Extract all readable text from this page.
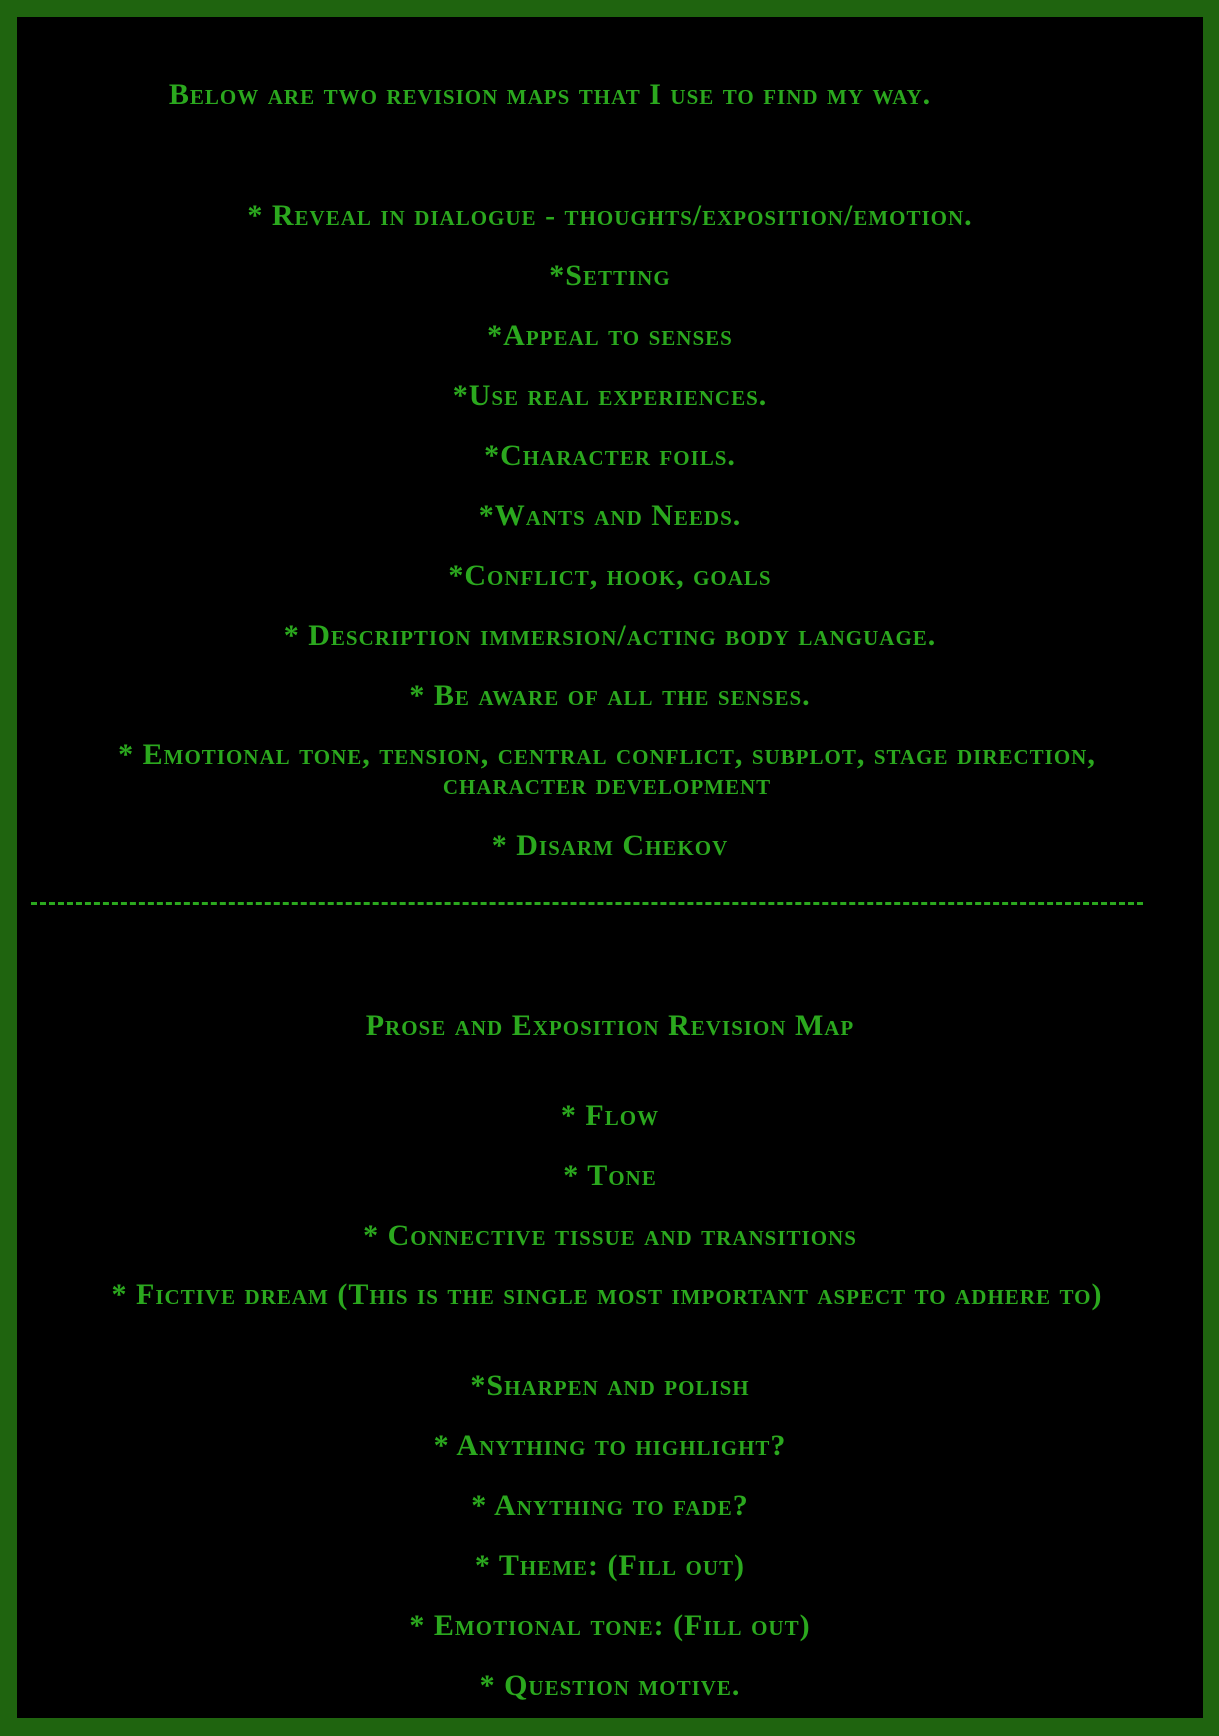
Below are two revision maps that I use to find my way.
* Reveal in dialogue - thoughts/exposition/emotion.
*Setting
*Appeal to senses
*Use real experiences.
*Character foils.
*Wants and Needs.
*Conflict, hook, goals
* Description immersion/acting body language.
* Be aware of all the senses.
* Emotional tone, tension, central conflict, subplot, stage direction, character development
* Disarm Chekov
Prose and Exposition Revision Map
* Flow
* Tone
* Connective tissue and transitions
* Fictive dream (This is the single most important aspect to adhere to)
*Sharpen and polish
* Anything to highlight?
* Anything to fade?
* Theme: (Fill out)
* Emotional tone: (Fill out)
* Question motive.
